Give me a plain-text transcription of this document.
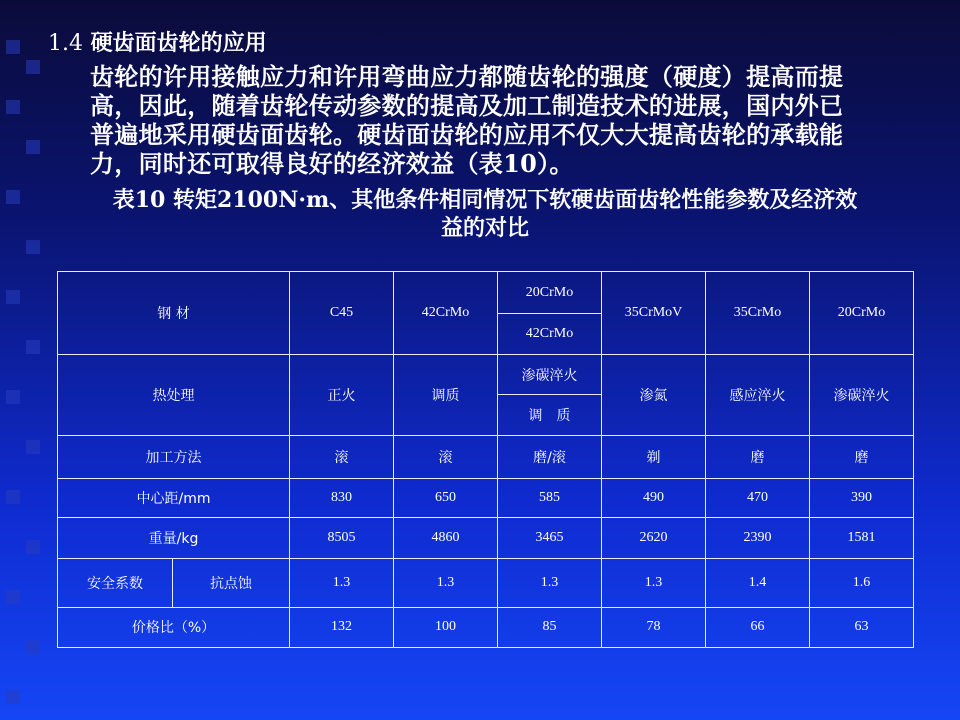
1.4 硬齿面齿轮的应用
齿轮的许用接触应力和许用弯曲应力都随齿轮的强度（硬度）提高而提
高，因此，随着齿轮传动参数的提高及加工制造技术的进展，国内外已
普遍地采用硬齿面齿轮。硬齿面齿轮的应用不仅大大提高齿轮的承载能
力，同时还可取得良好的经济效益（表10）。
表10 转矩2100N·m、其他条件相同情况下软硬齿面齿轮性能参数及经济效
益的对比
钢 材		C45	42CrMo	20CrMo	35CrMoV	35CrMo	20CrMo
				42CrMo			
热处理		正火	调质	渗碳淬火	渗氮	感应淬火	渗碳淬火
				调　质			
加工方法		滚	滚	磨/滚	剃	磨	磨
中心距/mm		830	650	585	490	470	390
重量/kg		8505	4860	3465	2620	2390	1581
安全系数	抗点蚀	1.3	1.3	1.3	1.3	1.4	1.6
价格比（%）		132	100	85	78	66	63
